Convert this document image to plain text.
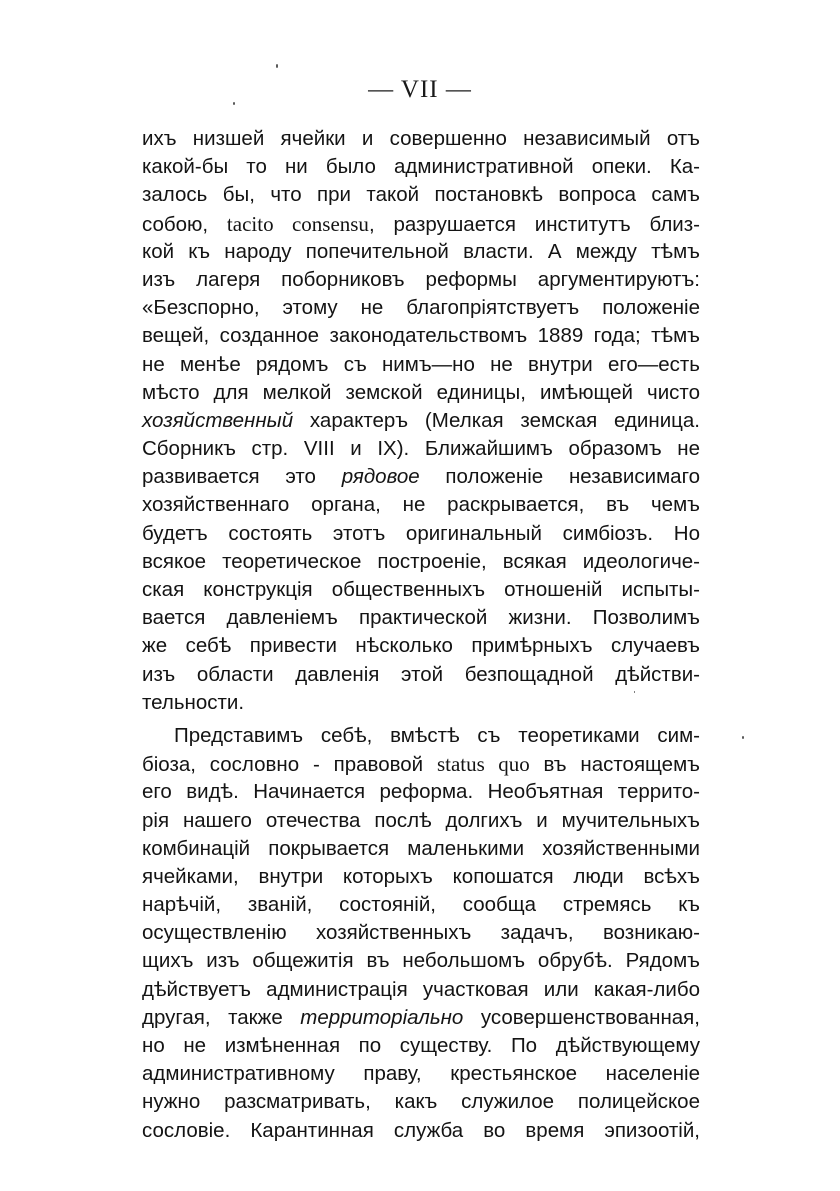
— VII —
ихъ низшей ячейки и совершенно независимый отъ
какой-бы то ни было административной опеки. Ка-
залось бы, что при такой постановкѣ вопроса самъ
собою, tacito consensu, разрушается институтъ близ-
кой къ народу попечительной власти. А между тѣмъ
изъ лагеря поборниковъ реформы аргументируютъ:
«Безспорно, этому не благопріятствуетъ положеніе
вещей, созданное законодательствомъ 1889 года; тѣмъ
не менѣе рядомъ съ нимъ—но не внутри его—есть
мѣсто для мелкой земской единицы, имѣющей чисто
хозяйственный характеръ (Мелкая земская единица.
Сборникъ стр. VIII и IX). Ближайшимъ образомъ не
развивается это рядовое положеніе независимаго
хозяйственнаго органа, не раскрывается, въ чемъ
будетъ состоять этотъ оригинальный симбіозъ. Но
всякое теоретическое построеніе, всякая идеологиче-
ская конструкція общественныхъ отношеній испыты-
вается давленіемъ практической жизни. Позволимъ
же себѣ привести нѣсколько примѣрныхъ случаевъ
изъ области давленія этой безпощадной дѣйстви-
тельности.
Представимъ себѣ, вмѣстѣ съ теоретиками сим-
біоза, сословно - правовой status quo въ настоящемъ
его видѣ. Начинается реформа. Необъятная террито-
рія нашего отечества послѣ долгихъ и мучительныхъ
комбинацій покрывается маленькими хозяйственными
ячейками, внутри которыхъ копошатся люди всѣхъ
нарѣчій, званій, состояній, сообща стремясь къ
осуществленію хозяйственныхъ задачъ, возникаю-
щихъ изъ общежитія въ небольшомъ обрубѣ. Рядомъ
дѣйствуетъ администрація участковая или какая-либо
другая, также территоріально усовершенствованная,
но не измѣненная по существу. По дѣйствующему
административному праву, крестьянское населеніе
нужно разсматривать, какъ служилое полицейское
сословіе. Карантинная служба во время эпизоотій,
